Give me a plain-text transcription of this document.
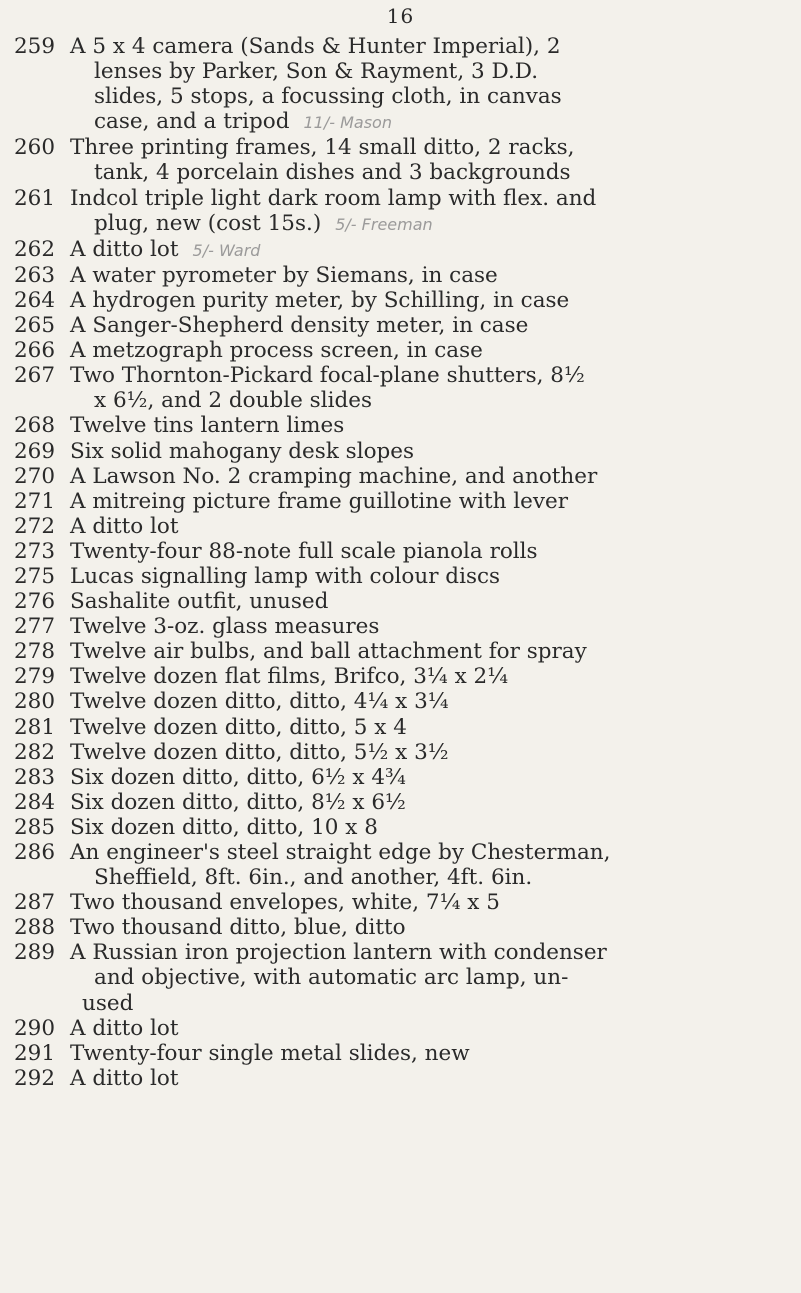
16
259 A 5 x 4 camera (Sands & Hunter Imperial), 2
lenses by Parker, Son & Rayment, 3 D.D.
slides, 5 stops, a focussing cloth, in canvas
case, and a tripod 11/- Mason
260 Three printing frames, 14 small ditto, 2 racks,
tank, 4 porcelain dishes and 3 backgrounds
261 Indcol triple light dark room lamp with flex. and
plug, new (cost 15s.) 5/- Freeman
262 A ditto lot 5/- Ward
263 A water pyrometer by Siemans, in case
264 A hydrogen purity meter, by Schilling, in case
265 A Sanger-Shepherd density meter, in case
266 A metzograph process screen, in case
267 Two Thornton-Pickard focal-plane shutters, 8½
x 6½, and 2 double slides
268 Twelve tins lantern limes
269 Six solid mahogany desk slopes
270 A Lawson No. 2 cramping machine, and another
271 A mitreing picture frame guillotine with lever
272 A ditto lot
273 Twenty-four 88-note full scale pianola rolls
275 Lucas signalling lamp with colour discs
276 Sashalite outfit, unused
277 Twelve 3-oz. glass measures
278 Twelve air bulbs, and ball attachment for spray
279 Twelve dozen flat films, Brifco, 3¼ x 2¼
280 Twelve dozen ditto, ditto, 4¼ x 3¼
281 Twelve dozen ditto, ditto, 5 x 4
282 Twelve dozen ditto, ditto, 5½ x 3½
283 Six dozen ditto, ditto, 6½ x 4¾
284 Six dozen ditto, ditto, 8½ x 6½
285 Six dozen ditto, ditto, 10 x 8
286 An engineer's steel straight edge by Chesterman,
Sheffield, 8ft. 6in., and another, 4ft. 6in.
287 Two thousand envelopes, white, 7¼ x 5
288 Two thousand ditto, blue, ditto
289 A Russian iron projection lantern with condenser
and objective, with automatic arc lamp, un-
used
290 A ditto lot
291 Twenty-four single metal slides, new
292 A ditto lot
